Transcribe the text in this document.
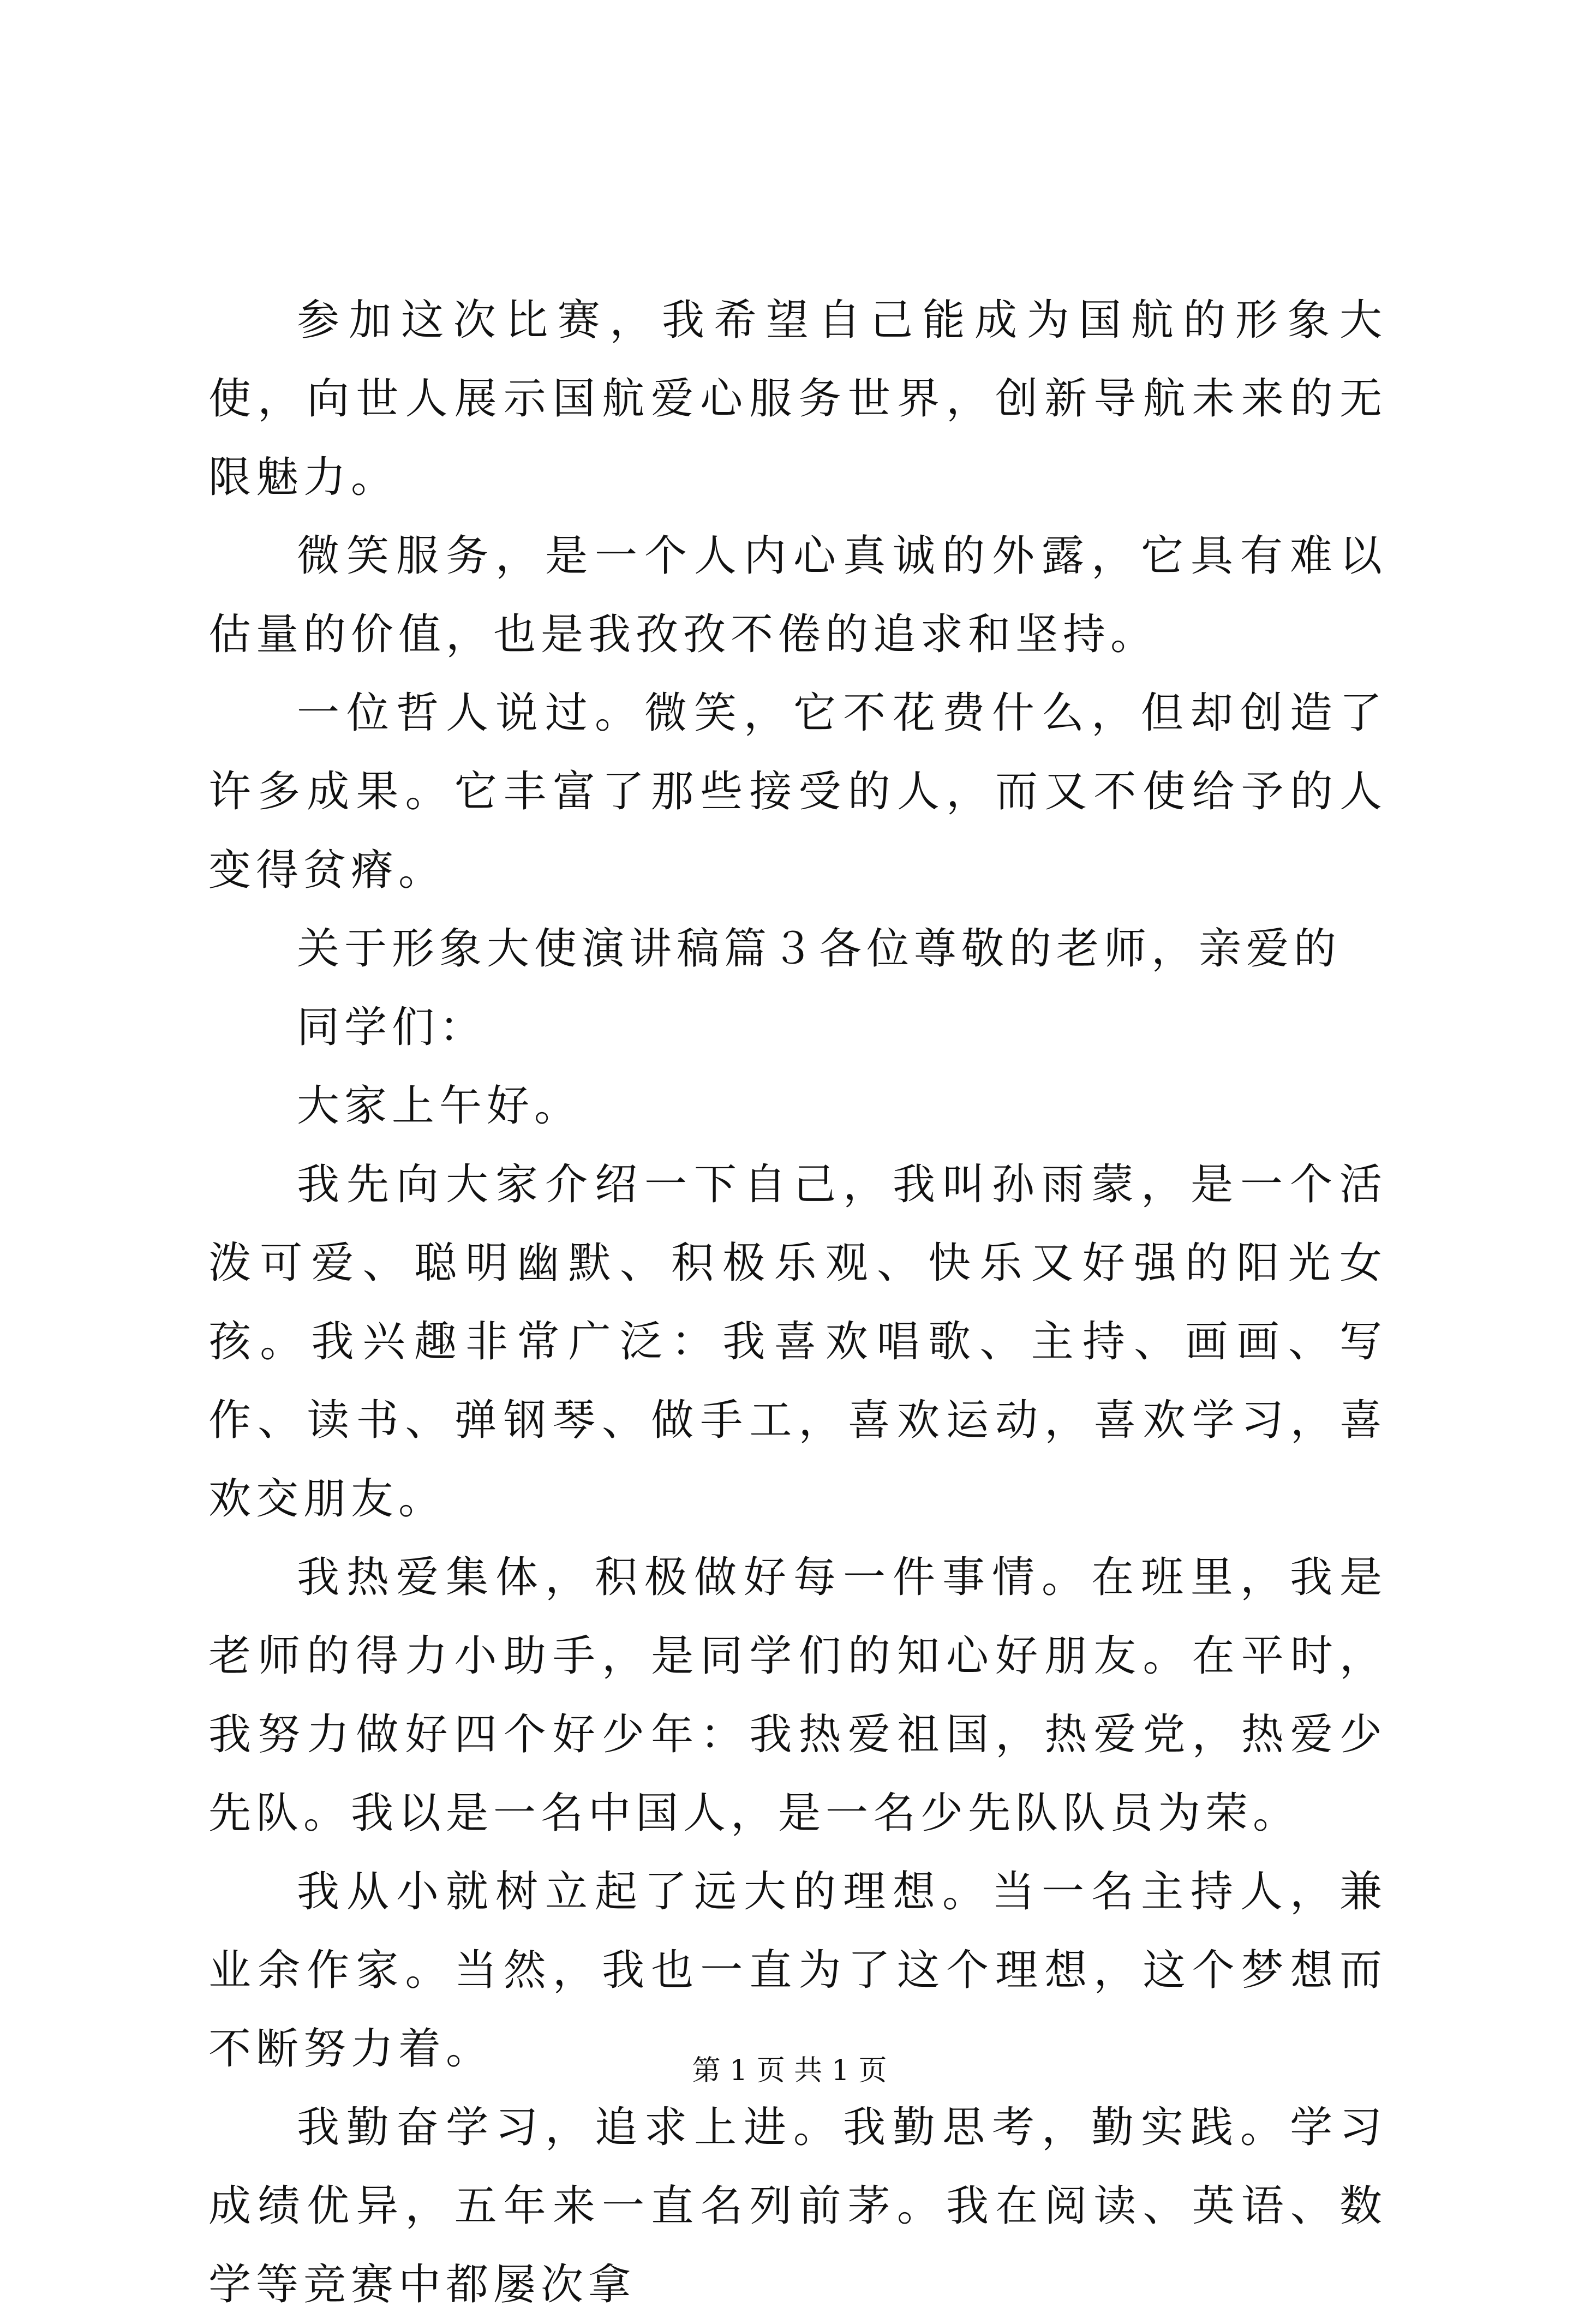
参加这次比赛，我希望自己能成为国航的形象大使，向世人展示国航爱心服务世界，创新导航未来的无限魅力。

微笑服务，是一个人内心真诚的外露，它具有难以估量的价值，也是我孜孜不倦的追求和坚持。

一位哲人说过。微笑，它不花费什么，但却创造了许多成果。它丰富了那些接受的人，而又不使给予的人变得贫瘠。

关于形象大使演讲稿篇３各位尊敬的老师，亲爱的

同学们：

大家上午好。

我先向大家介绍一下自己，我叫孙雨蒙，是一个活泼可爱、聪明幽默、积极乐观、快乐又好强的阳光女孩。我兴趣非常广泛：我喜欢唱歌、主持、画画、写作、读书、弹钢琴、做手工，喜欢运动，喜欢学习，喜欢交朋友。

我热爱集体，积极做好每一件事情。在班里，我是老师的得力小助手，是同学们的知心好朋友。在平时，我努力做好四个好少年：我热爱祖国，热爱党，热爱少先队。我以是一名中国人，是一名少先队队员为荣。

我从小就树立起了远大的理想。当一名主持人，兼业余作家。当然，我也一直为了这个理想，这个梦想而不断努力着。

我勤奋学习，追求上进。我勤思考，勤实践。学习成绩优异，五年来一直名列前茅。我在阅读、英语、数学等竞赛中都屡次拿

第 1 页 共 1 页
